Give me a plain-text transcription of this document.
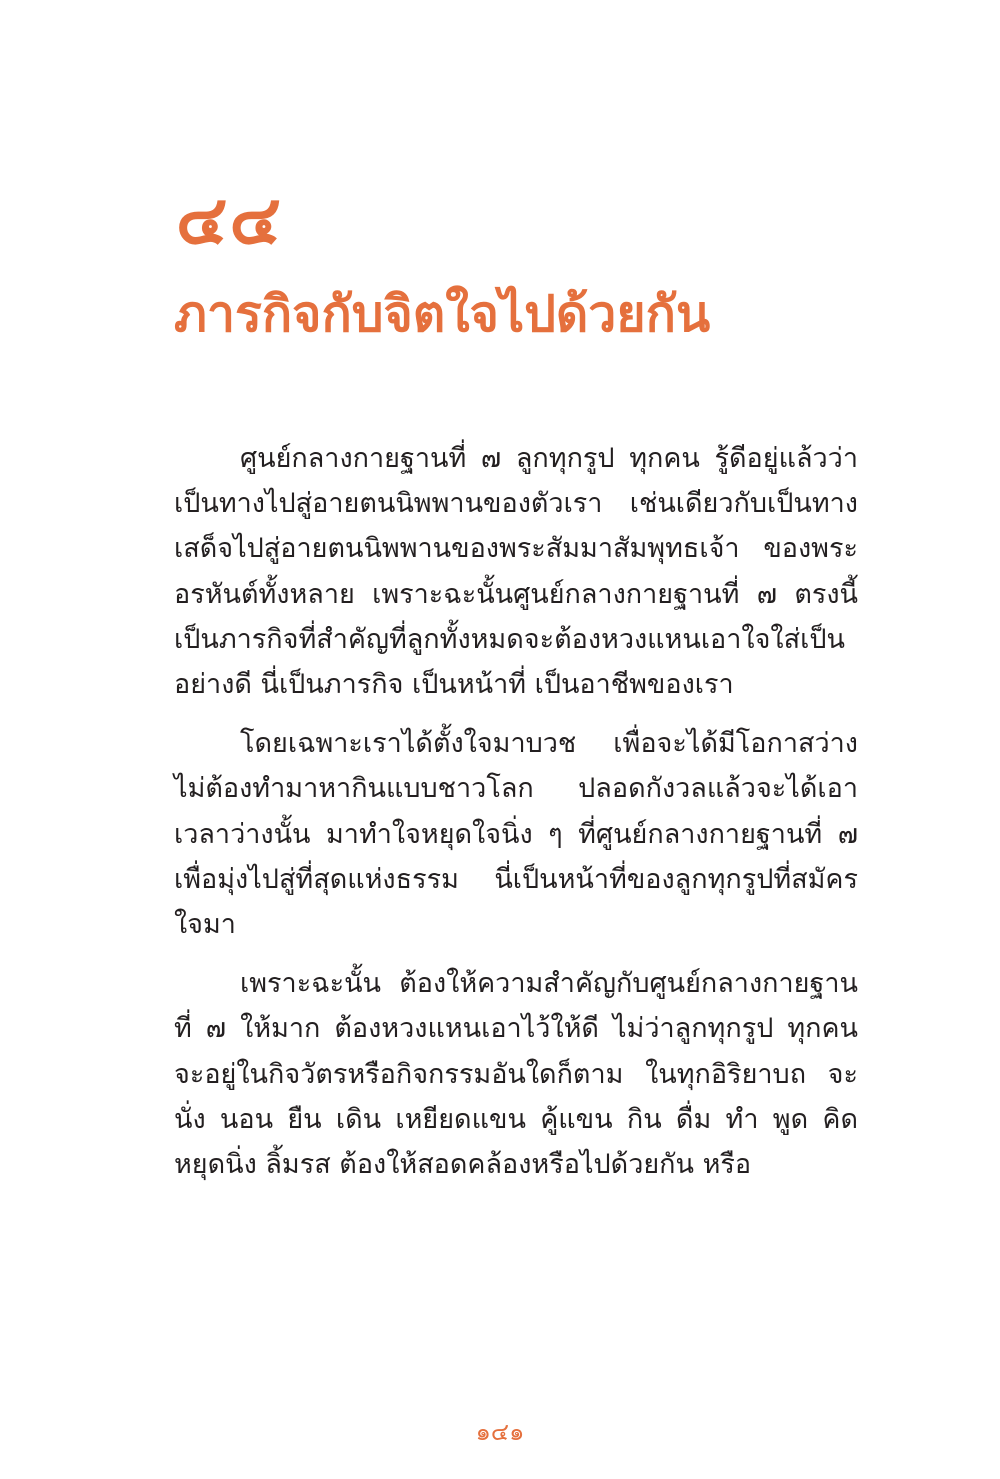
๔๔
ภารกิจกับจิตใจไปด้วยกัน

ศูนย์กลางกายฐานที่ ๗ ลูกทุกรูป ทุกคน รู้ดีอยู่แล้วว่าเป็นทางไปสู่อายตนนิพพานของตัวเรา เช่นเดียวกับเป็นทางเสด็จไปสู่อายตนนิพพานของพระสัมมาสัมพุทธเจ้า ของพระอรหันต์ทั้งหลาย เพราะฉะนั้นศูนย์กลางกายฐานที่ ๗ ตรงนี้เป็นภารกิจที่สำคัญที่ลูกทั้งหมดจะต้องหวงแหนเอาใจใส่เป็นอย่างดี นี่เป็นภารกิจ เป็นหน้าที่ เป็นอาชีพของเรา

โดยเฉพาะเราได้ตั้งใจมาบวช เพื่อจะได้มีโอกาสว่างไม่ต้องทำมาหากินแบบชาวโลก ปลอดกังวลแล้วจะได้เอาเวลาว่างนั้น มาทำใจหยุดใจนิ่ง ๆ ที่ศูนย์กลางกายฐานที่ ๗ เพื่อมุ่งไปสู่ที่สุดแห่งธรรม นี่เป็นหน้าที่ของลูกทุกรูปที่สมัครใจมา

เพราะฉะนั้น ต้องให้ความสำคัญกับศูนย์กลางกายฐานที่ ๗ ให้มาก ต้องหวงแหนเอาไว้ให้ดี ไม่ว่าลูกทุกรูป ทุกคน จะอยู่ในกิจวัตรหรือกิจกรรมอันใดก็ตาม ในทุกอิริยาบถ จะนั่ง นอน ยืน เดิน เหยียดแขน คู้แขน กิน ดื่ม ทำ พูด คิด หยุดนิ่ง ลิ้มรส ต้องให้สอดคล้องหรือไปด้วยกัน หรือ

๑๔๑
